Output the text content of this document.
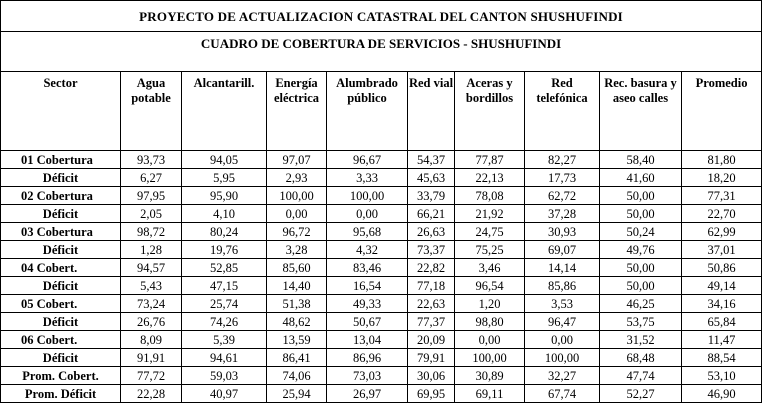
PROYECTO DE ACTUALIZACION CATASTRAL DEL CANTON SHUSHUFINDI									
CUADRO DE COBERTURA DE SERVICIOS - SHUSHUFINDI									
Sector	Agua potable	Alcantarill.	Energía eléctrica	Alumbrado público	Red vial	Aceras y bordillos	Red telefónica	Rec. basura y aseo calles	Promedio
01 Cobertura	93,73	94,05	97,07	96,67	54,37	77,87	82,27	58,40	81,80
Déficit	6,27	5,95	2,93	3,33	45,63	22,13	17,73	41,60	18,20
02 Cobertura	97,95	95,90	100,00	100,00	33,79	78,08	62,72	50,00	77,31
Déficit	2,05	4,10	0,00	0,00	66,21	21,92	37,28	50,00	22,70
03 Cobertura	98,72	80,24	96,72	95,68	26,63	24,75	30,93	50,24	62,99
Déficit	1,28	19,76	3,28	4,32	73,37	75,25	69,07	49,76	37,01
04 Cobert.	94,57	52,85	85,60	83,46	22,82	3,46	14,14	50,00	50,86
Déficit	5,43	47,15	14,40	16,54	77,18	96,54	85,86	50,00	49,14
05 Cobert.	73,24	25,74	51,38	49,33	22,63	1,20	3,53	46,25	34,16
Déficit	26,76	74,26	48,62	50,67	77,37	98,80	96,47	53,75	65,84
06 Cobert.	8,09	5,39	13,59	13,04	20,09	0,00	0,00	31,52	11,47
Déficit	91,91	94,61	86,41	86,96	79,91	100,00	100,00	68,48	88,54
Prom. Cobert.	77,72	59,03	74,06	73,03	30,06	30,89	32,27	47,74	53,10
Prom. Déficit	22,28	40,97	25,94	26,97	69,95	69,11	67,74	52,27	46,90
